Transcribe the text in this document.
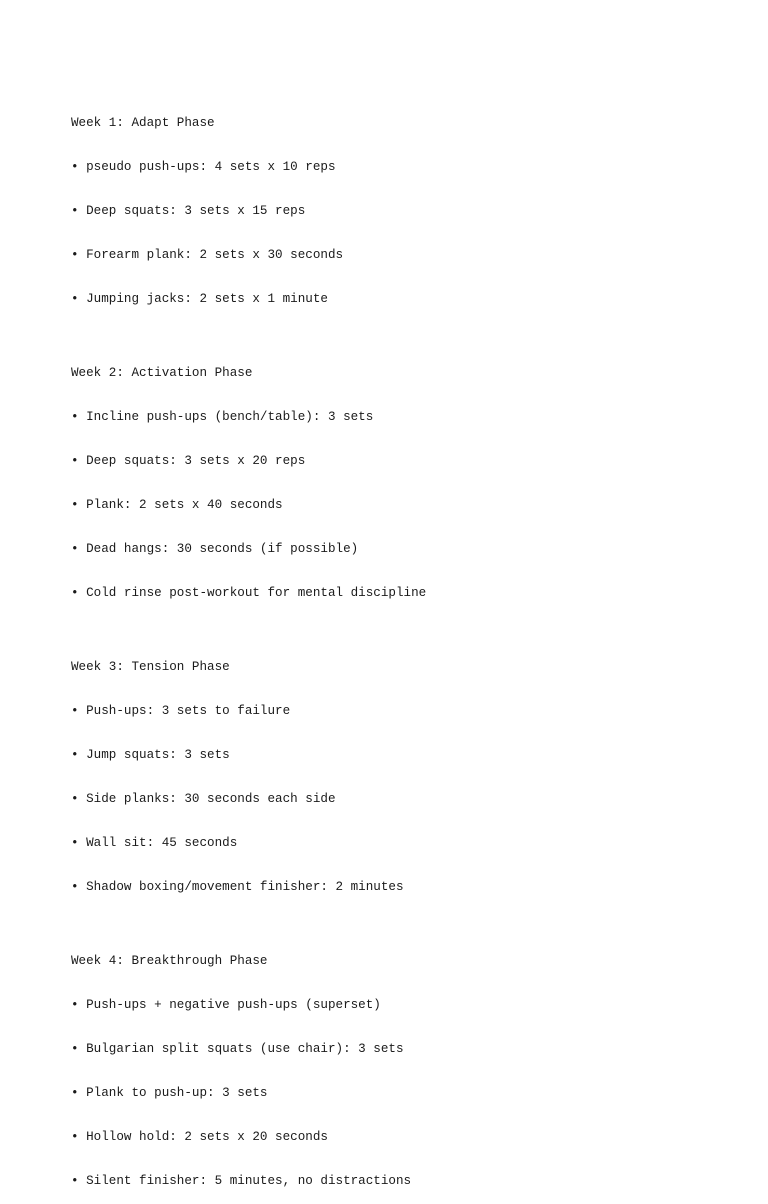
Week 1: Adapt Phase

• pseudo push-ups: 4 sets x 10 reps

• Deep squats: 3 sets x 15 reps

• Forearm plank: 2 sets x 30 seconds

• Jumping jacks: 2 sets x 1 minute

Week 2: Activation Phase

• Incline push-ups (bench/table): 3 sets

• Deep squats: 3 sets x 20 reps

• Plank: 2 sets x 40 seconds

• Dead hangs: 30 seconds (if possible)

• Cold rinse post-workout for mental discipline

Week 3: Tension Phase

• Push-ups: 3 sets to failure

• Jump squats: 3 sets

• Side planks: 30 seconds each side

• Wall sit: 45 seconds

• Shadow boxing/movement finisher: 2 minutes

Week 4: Breakthrough Phase

• Push-ups + negative push-ups (superset)

• Bulgarian split squats (use chair): 3 sets

• Plank to push-up: 3 sets

• Hollow hold: 2 sets x 20 seconds

• Silent finisher: 5 minutes, no distractions
